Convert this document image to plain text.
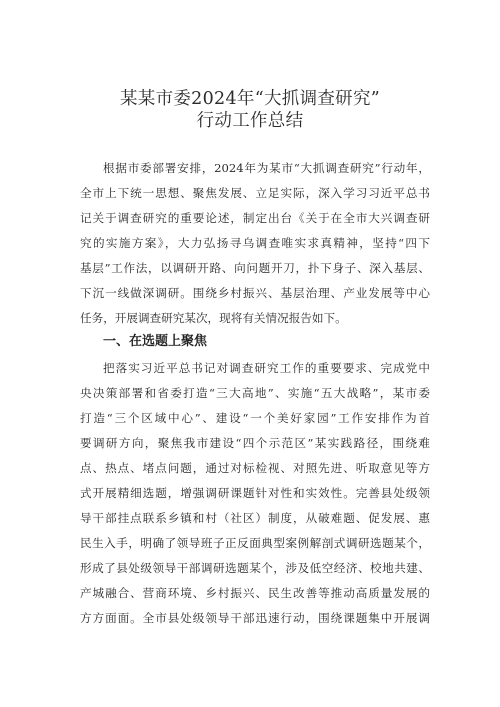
某某市委2024年“大抓调查研究”
行动工作总结
根据市委部署安排，2024年为某市“大抓调查研究”行动年，
全市上下统一思想、聚焦发展、立足实际，深入学习习近平总书
记关于调查研究的重要论述，制定出台《关于在全市大兴调查研
究的实施方案》，大力弘扬寻乌调查唯实求真精神，坚持“四下
基层”工作法，以调研开路、向问题开刀，扑下身子、深入基层、
下沉一线做深调研。围绕乡村振兴、基层治理、产业发展等中心
任务，开展调查研究某次，现将有关情况报告如下。
一、在选题上聚焦
把落实习近平总书记对调查研究工作的重要要求、完成党中
央决策部署和省委打造“三大高地”、实施“五大战略”，某市委
打造“三个区域中心”、建设“一个美好家园”工作安排作为首
要调研方向，聚焦我市建设“四个示范区”某实践路径，围绕难
点、热点、堵点问题，通过对标检视、对照先进、听取意见等方
式开展精细选题，增强调研课题针对性和实效性。完善县处级领
导干部挂点联系乡镇和村（社区）制度，从破难题、促发展、惠
民生入手，明确了领导班子正反面典型案例解剖式调研选题某个，
形成了县处级领导干部调研选题某个，涉及低空经济、校地共建、
产城融合、营商环境、乡村振兴、民生改善等推动高质量发展的
方方面面。全市县处级领导干部迅速行动，围绕课题集中开展调
